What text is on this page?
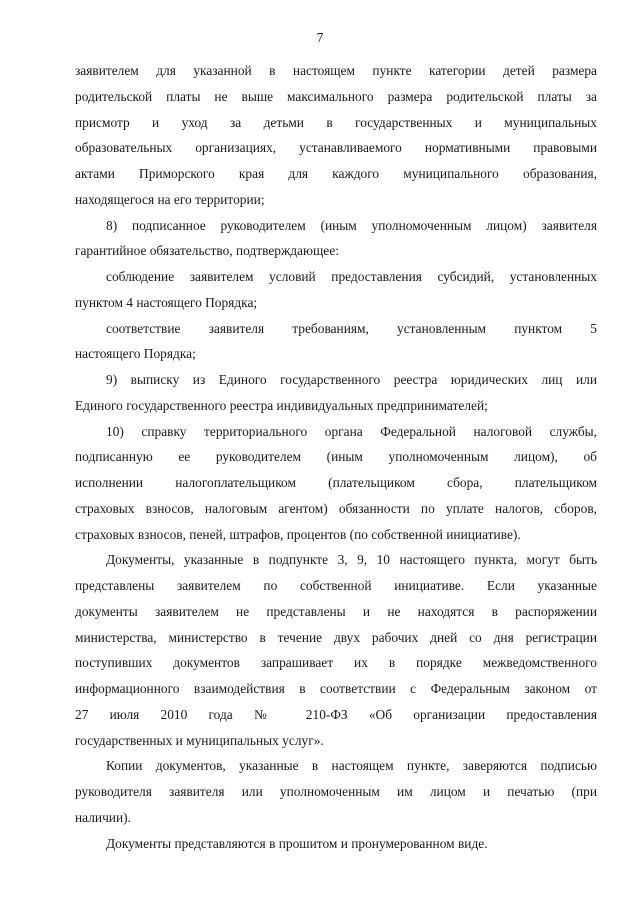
7
заявителем для указанной в настоящем пункте категории детей размера
родительской платы не выше максимального размера родительской платы за
присмотр и уход за детьми в государственных и муниципальных
образовательных организациях, устанавливаемого нормативными правовыми
актами Приморского края для каждого муниципального образования,
находящегося на его территории;
8) подписанное руководителем (иным уполномоченным лицом) заявителя
гарантийное обязательство, подтверждающее:
соблюдение заявителем условий предоставления субсидий, установленных
пунктом 4 настоящего Порядка;
соответствие заявителя требованиям, установленным пунктом 5
настоящего Порядка;
9) выписку из Единого государственного реестра юридических лиц или
Единого государственного реестра индивидуальных предпринимателей;
10) справку территориального органа Федеральной налоговой службы,
подписанную ее руководителем (иным уполномоченным лицом), об
исполнении налогоплательщиком (плательщиком сбора, плательщиком
страховых взносов, налоговым агентом) обязанности по уплате налогов, сборов,
страховых взносов, пеней, штрафов, процентов (по собственной инициативе).
Документы, указанные в подпункте 3, 9, 10 настоящего пункта, могут быть
представлены заявителем по собственной инициативе. Если указанные
документы заявителем не представлены и не находятся в распоряжении
министерства, министерство в течение двух рабочих дней со дня регистрации
поступивших документов запрашивает их в порядке межведомственного
информационного взаимодействия в соответствии с Федеральным законом от
27 июля 2010 года № 210-ФЗ «Об организации предоставления
государственных и муниципальных услуг».
Копии документов, указанные в настоящем пункте, заверяются подписью
руководителя заявителя или уполномоченным им лицом и печатью (при
наличии).
Документы представляются в прошитом и пронумерованном виде.
